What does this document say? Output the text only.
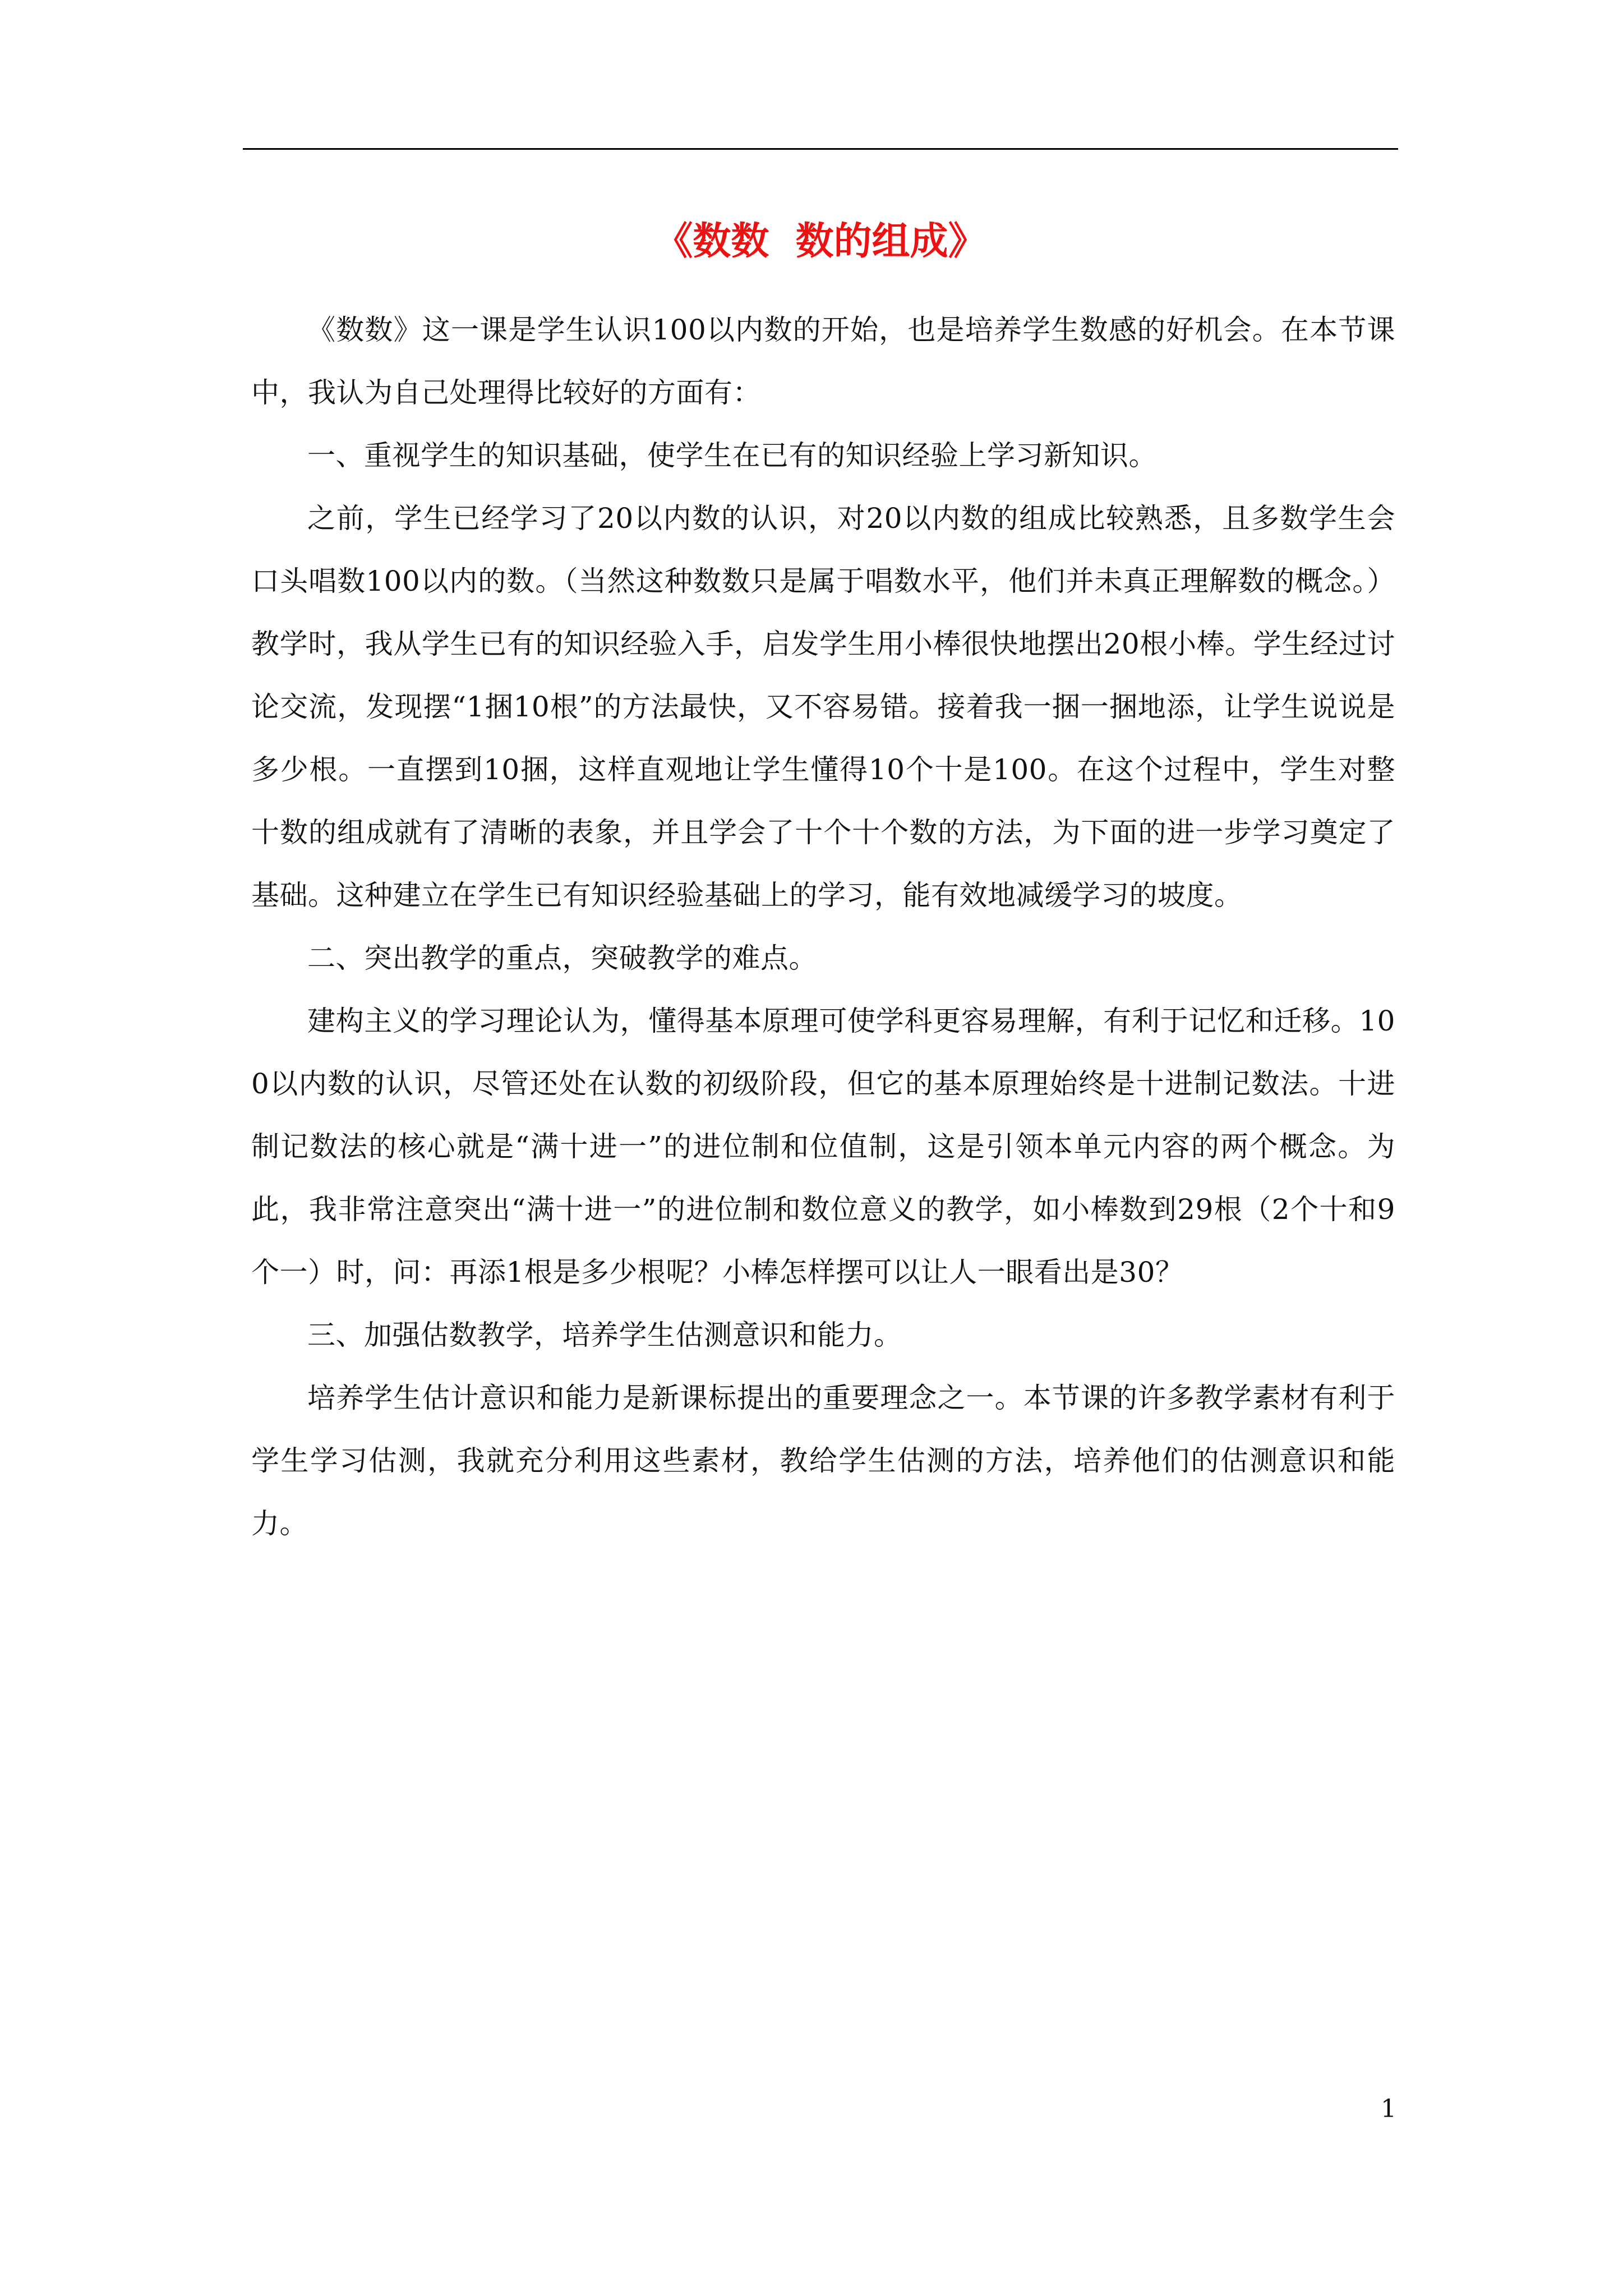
《数数  数的组成》

《数数》这一课是学生认识100以内数的开始，也是培养学生数感的好机会。在本节课中，我认为自己处理得比较好的方面有：

一、重视学生的知识基础，使学生在已有的知识经验上学习新知识。

之前，学生已经学习了20以内数的认识，对20以内数的组成比较熟悉，且多数学生会口头唱数100以内的数。（当然这种数数只是属于唱数水平，他们并未真正理解数的概念。）教学时，我从学生已有的知识经验入手，启发学生用小棒很快地摆出20根小棒。学生经过讨论交流，发现摆“1捆10根”的方法最快，又不容易错。接着我一捆一捆地添，让学生说说是多少根。一直摆到10捆，这样直观地让学生懂得10个十是100。在这个过程中，学生对整十数的组成就有了清晰的表象，并且学会了十个十个数的方法，为下面的进一步学习奠定了基础。这种建立在学生已有知识经验基础上的学习，能有效地减缓学习的坡度。

二、突出教学的重点，突破教学的难点。

建构主义的学习理论认为，懂得基本原理可使学科更容易理解，有利于记忆和迁移。100以内数的认识，尽管还处在认数的初级阶段，但它的基本原理始终是十进制记数法。十进制记数法的核心就是“满十进一”的进位制和位值制，这是引领本单元内容的两个概念。为此，我非常注意突出“满十进一”的进位制和数位意义的教学，如小棒数到29根（2个十和9个一）时，问：再添1根是多少根呢？小棒怎样摆可以让人一眼看出是30？

三、加强估数教学，培养学生估测意识和能力。

培养学生估计意识和能力是新课标提出的重要理念之一。本节课的许多教学素材有利于学生学习估测，我就充分利用这些素材，教给学生估测的方法，培养他们的估测意识和能力。

1
